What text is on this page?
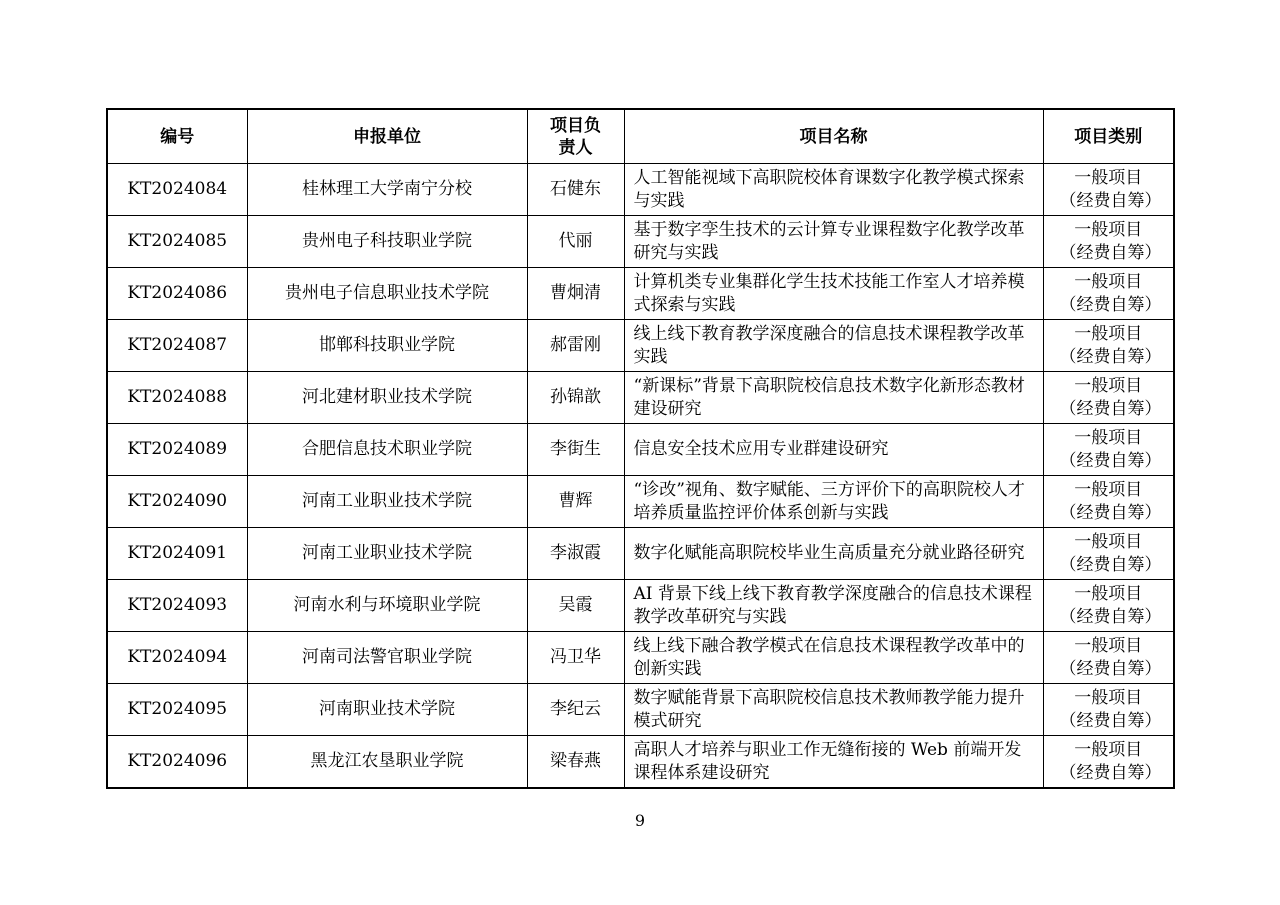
编号	申报单位	项目负责人	项目名称	项目类别
KT2024084	桂林理工大学南宁分校	石健东	人工智能视域下高职院校体育课数字化教学模式探索与实践	一般项目（经费自筹）
KT2024085	贵州电子科技职业学院	代丽	基于数字孪生技术的云计算专业课程数字化教学改革研究与实践	一般项目（经费自筹）
KT2024086	贵州电子信息职业技术学院	曹炯清	计算机类专业集群化学生技术技能工作室人才培养模式探索与实践	一般项目（经费自筹）
KT2024087	邯郸科技职业学院	郝雷刚	线上线下教育教学深度融合的信息技术课程教学改革实践	一般项目（经费自筹）
KT2024088	河北建材职业技术学院	孙锦歆	“新课标”背景下高职院校信息技术数字化新形态教材建设研究	一般项目（经费自筹）
KT2024089	合肥信息技术职业学院	李街生	信息安全技术应用专业群建设研究	一般项目（经费自筹）
KT2024090	河南工业职业技术学院	曹辉	“诊改”视角、数字赋能、三方评价下的高职院校人才培养质量监控评价体系创新与实践	一般项目（经费自筹）
KT2024091	河南工业职业技术学院	李淑霞	数字化赋能高职院校毕业生高质量充分就业路径研究	一般项目（经费自筹）
KT2024093	河南水利与环境职业学院	吴霞	AI 背景下线上线下教育教学深度融合的信息技术课程教学改革研究与实践	一般项目（经费自筹）
KT2024094	河南司法警官职业学院	冯卫华	线上线下融合教学模式在信息技术课程教学改革中的创新实践	一般项目（经费自筹）
KT2024095	河南职业技术学院	李纪云	数字赋能背景下高职院校信息技术教师教学能力提升模式研究	一般项目（经费自筹）
KT2024096	黑龙江农垦职业学院	梁春燕	高职人才培养与职业工作无缝衔接的 Web 前端开发课程体系建设研究	一般项目（经费自筹）
9
